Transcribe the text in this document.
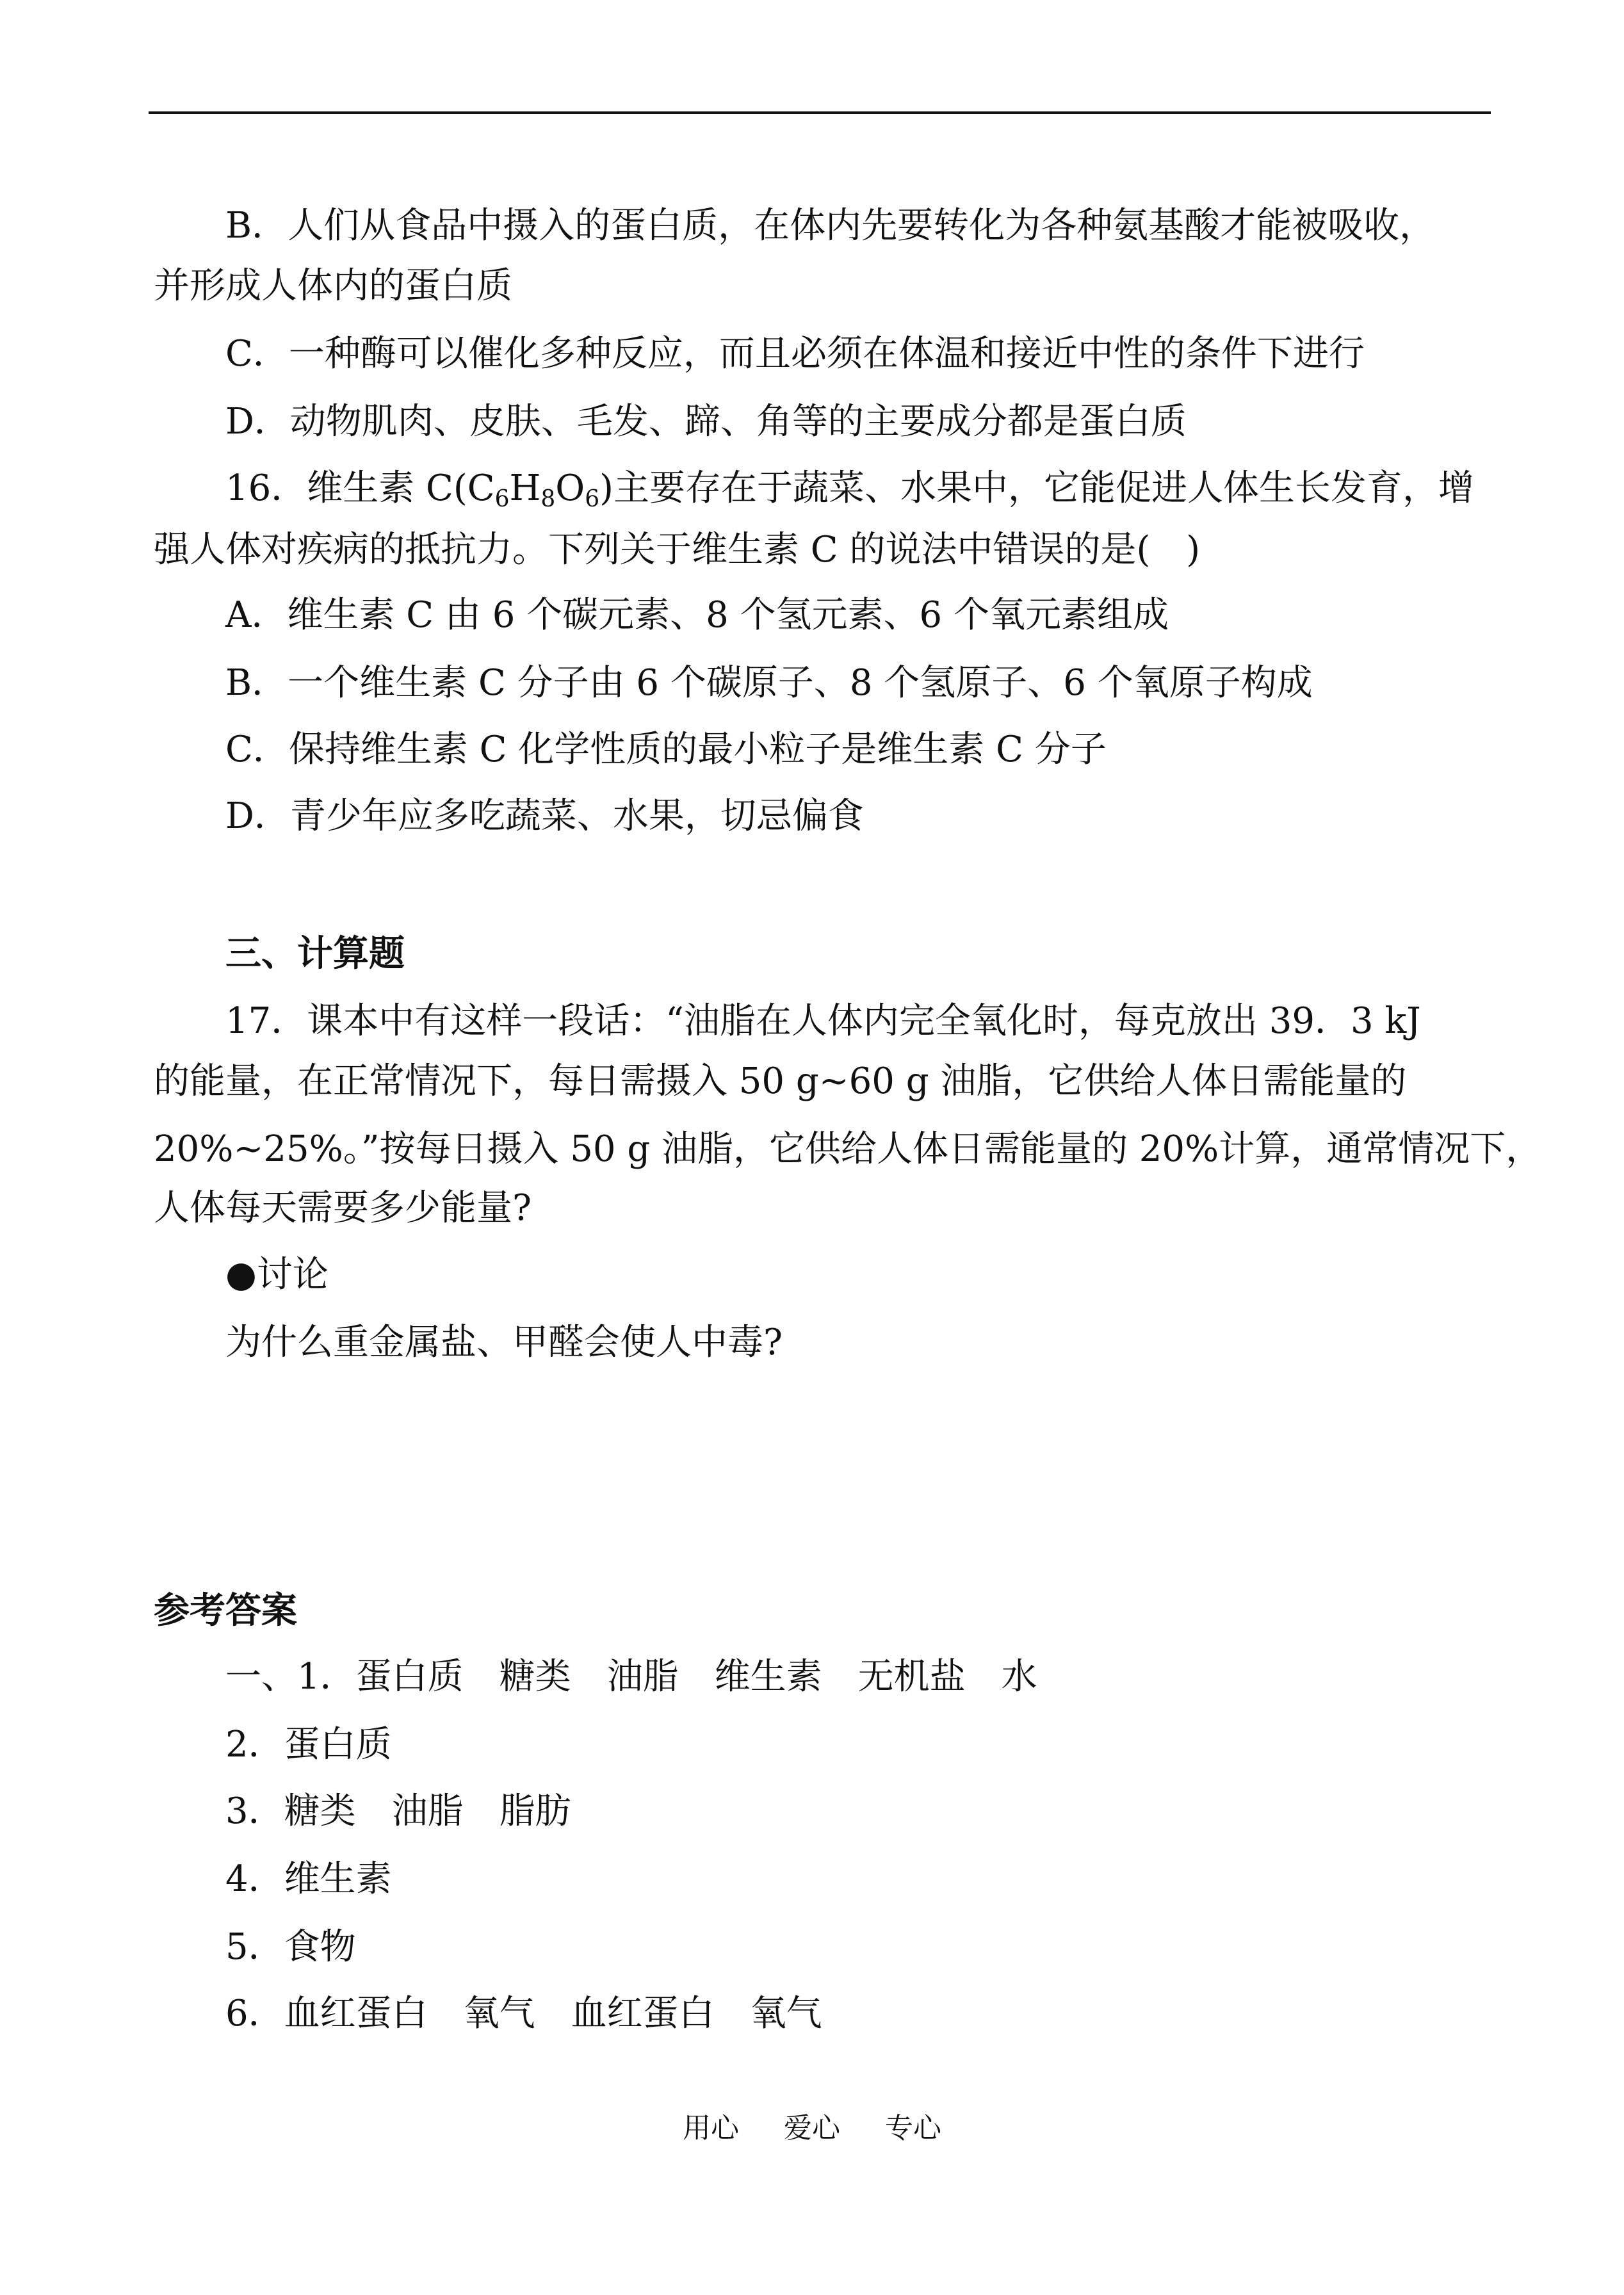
B．人们从食品中摄入的蛋白质，在体内先要转化为各种氨基酸才能被吸收，
并形成人体内的蛋白质
C．一种酶可以催化多种反应，而且必须在体温和接近中性的条件下进行
D．动物肌肉、皮肤、毛发、蹄、角等的主要成分都是蛋白质
16．维生素 $C(C_6H_8O_6)$主要存在于蔬菜、水果中，它能促进人体生长发育，增
强人体对疾病的抵抗力。下列关于维生素 C 的说法中错误的是(　)
A．维生素 C 由 6 个碳元素、8 个氢元素、6 个氧元素组成
B．一个维生素 C 分子由 6 个碳原子、8 个氢原子、6 个氧原子构成
C．保持维生素 C 化学性质的最小粒子是维生素 C 分子
D．青少年应多吃蔬菜、水果，切忌偏食
三、计算题
17．课本中有这样一段话：“油脂在人体内完全氧化时，每克放出 39．3 kJ
的能量，在正常情况下，每日需摄入 50 g~60 g 油脂，它供给人体日需能量的
20%~25%。”按每日摄入 50 g 油脂，它供给人体日需能量的 20%计算，通常情况下，
人体每天需要多少能量?
●讨论
为什么重金属盐、甲醛会使人中毒?
参考答案
一、1．蛋白质　糖类　油脂　维生素　无机盐　水
2．蛋白质
3．糖类　油脂　脂肪
4．维生素
5．食物
6．血红蛋白　氧气　血红蛋白　氧气
用心 爱心 专心
